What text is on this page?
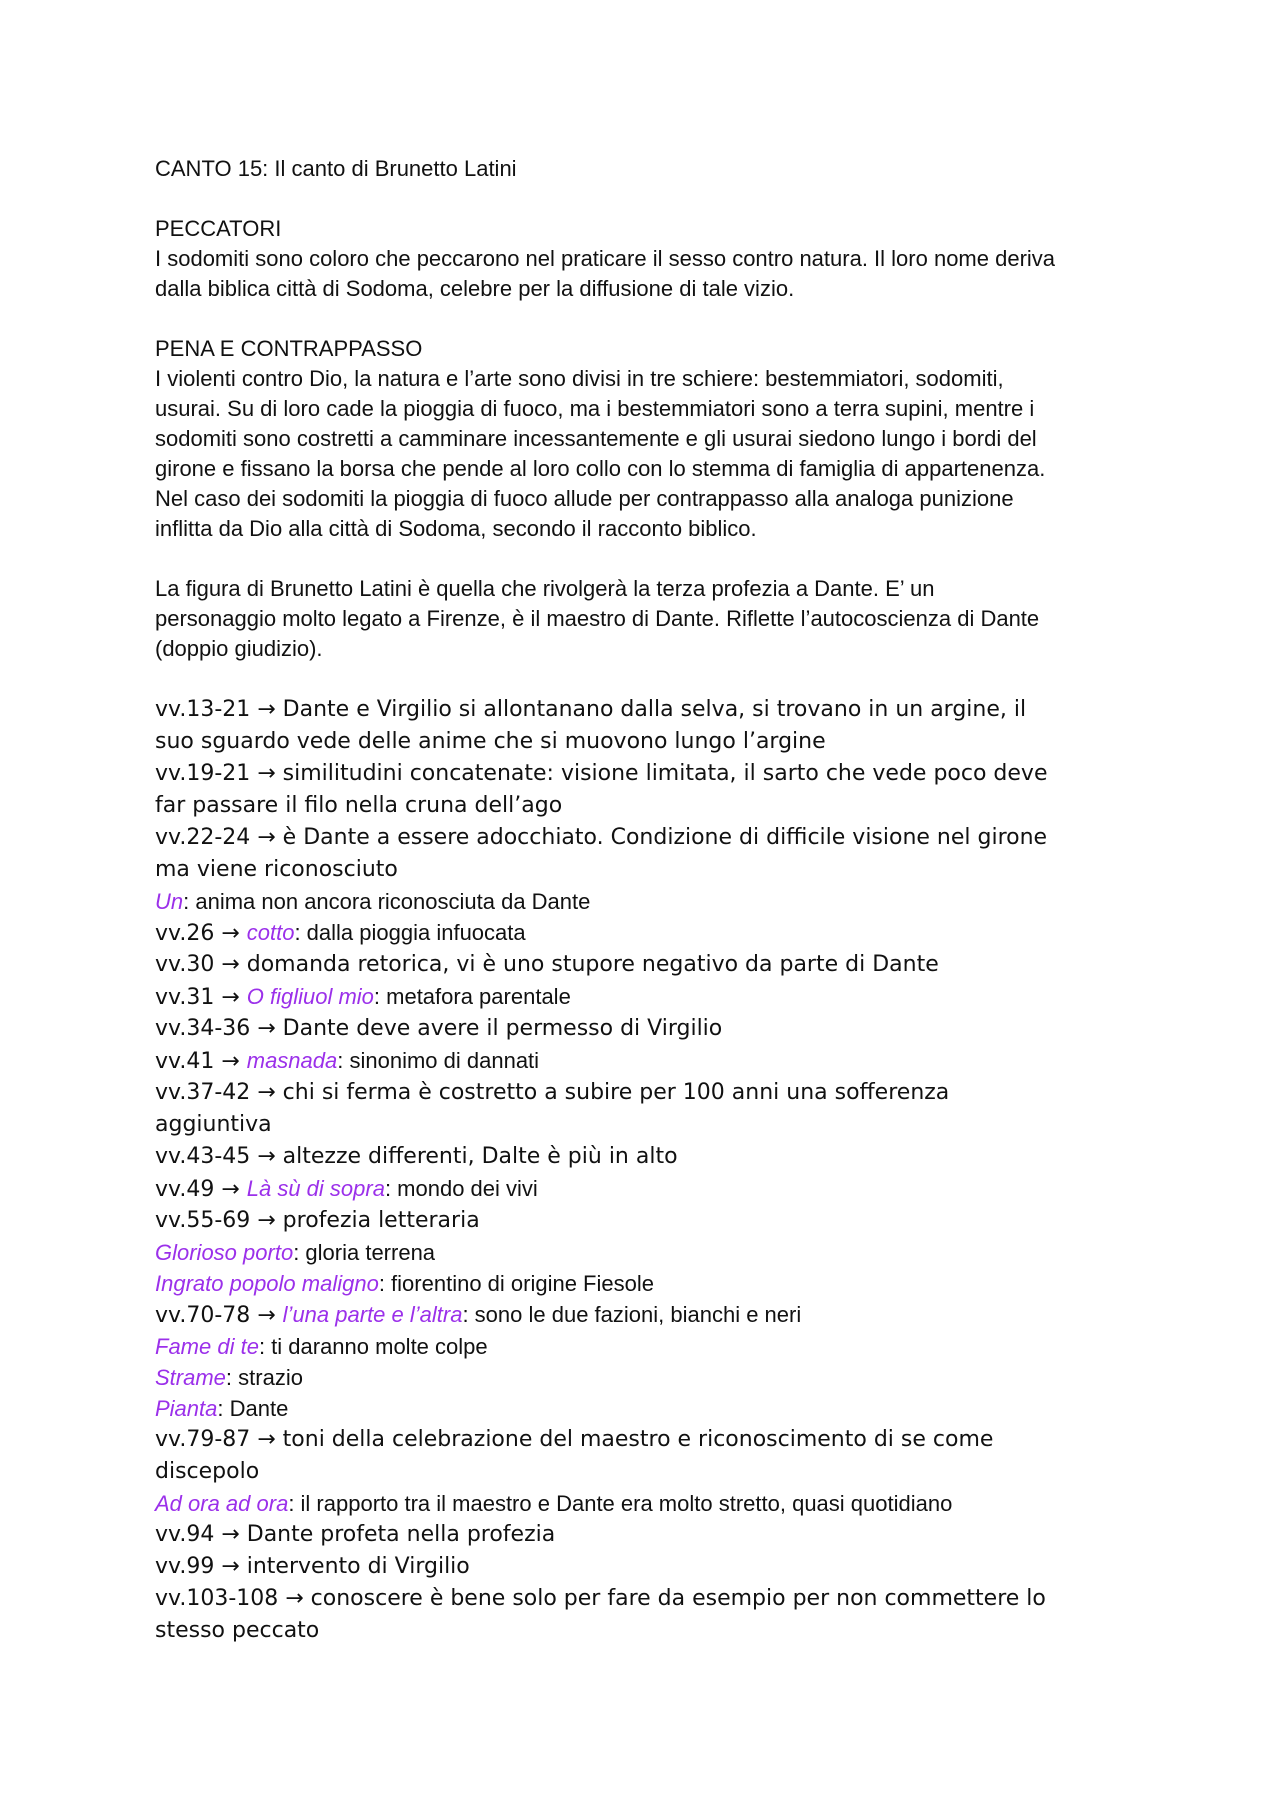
CANTO 15: Il canto di Brunetto Latini

PECCATORI

I sodomiti sono coloro che peccarono nel praticare il sesso contro natura. Il loro nome deriva

dalla biblica città di Sodoma, celebre per la diffusione di tale vizio.

PENA E CONTRAPPASSO

I violenti contro Dio, la natura e l’arte sono divisi in tre schiere: bestemmiatori, sodomiti,

usurai. Su di loro cade la pioggia di fuoco, ma i bestemmiatori sono a terra supini, mentre i

sodomiti sono costretti a camminare incessantemente e gli usurai siedono lungo i bordi del

girone e fissano la borsa che pende al loro collo con lo stemma di famiglia di appartenenza.

Nel caso dei sodomiti la pioggia di fuoco allude per contrappasso alla analoga punizione

inflitta da Dio alla città di Sodoma, secondo il racconto biblico.

La figura di Brunetto Latini è quella che rivolgerà la terza profezia a Dante. E’ un

personaggio molto legato a Firenze, è il maestro di Dante. Riflette l’autocoscienza di Dante

(doppio giudizio).

vv.13-21 → Dante e Virgilio si allontanano dalla selva, si trovano in un argine, il

suo sguardo vede delle anime che si muovono lungo l’argine

vv.19-21 → similitudini concatenate: visione limitata, il sarto che vede poco deve

far passare il filo nella cruna dell’ago

vv.22-24 → è Dante a essere adocchiato. Condizione di difficile visione nel girone

ma viene riconosciuto

Un: anima non ancora riconosciuta da Dante

vv.26 → cotto: dalla pioggia infuocata

vv.30 → domanda retorica, vi è uno stupore negativo da parte di Dante

vv.31 → O figliuol mio: metafora parentale

vv.34-36 → Dante deve avere il permesso di Virgilio

vv.41 → masnada: sinonimo di dannati

vv.37-42 → chi si ferma è costretto a subire per 100 anni una sofferenza

aggiuntiva

vv.43-45 → altezze differenti, Dalte è più in alto

vv.49 → Là sù di sopra: mondo dei vivi

vv.55-69 → profezia letteraria

Glorioso porto: gloria terrena

Ingrato popolo maligno: fiorentino di origine Fiesole

vv.70-78 → l’una parte e l’altra: sono le due fazioni, bianchi e neri

Fame di te: ti daranno molte colpe

Strame: strazio

Pianta: Dante

vv.79-87 → toni della celebrazione del maestro e riconoscimento di se come

discepolo

Ad ora ad ora: il rapporto tra il maestro e Dante era molto stretto, quasi quotidiano

vv.94 → Dante profeta nella profezia

vv.99 → intervento di Virgilio

vv.103-108 → conoscere è bene solo per fare da esempio per non commettere lo

stesso peccato
